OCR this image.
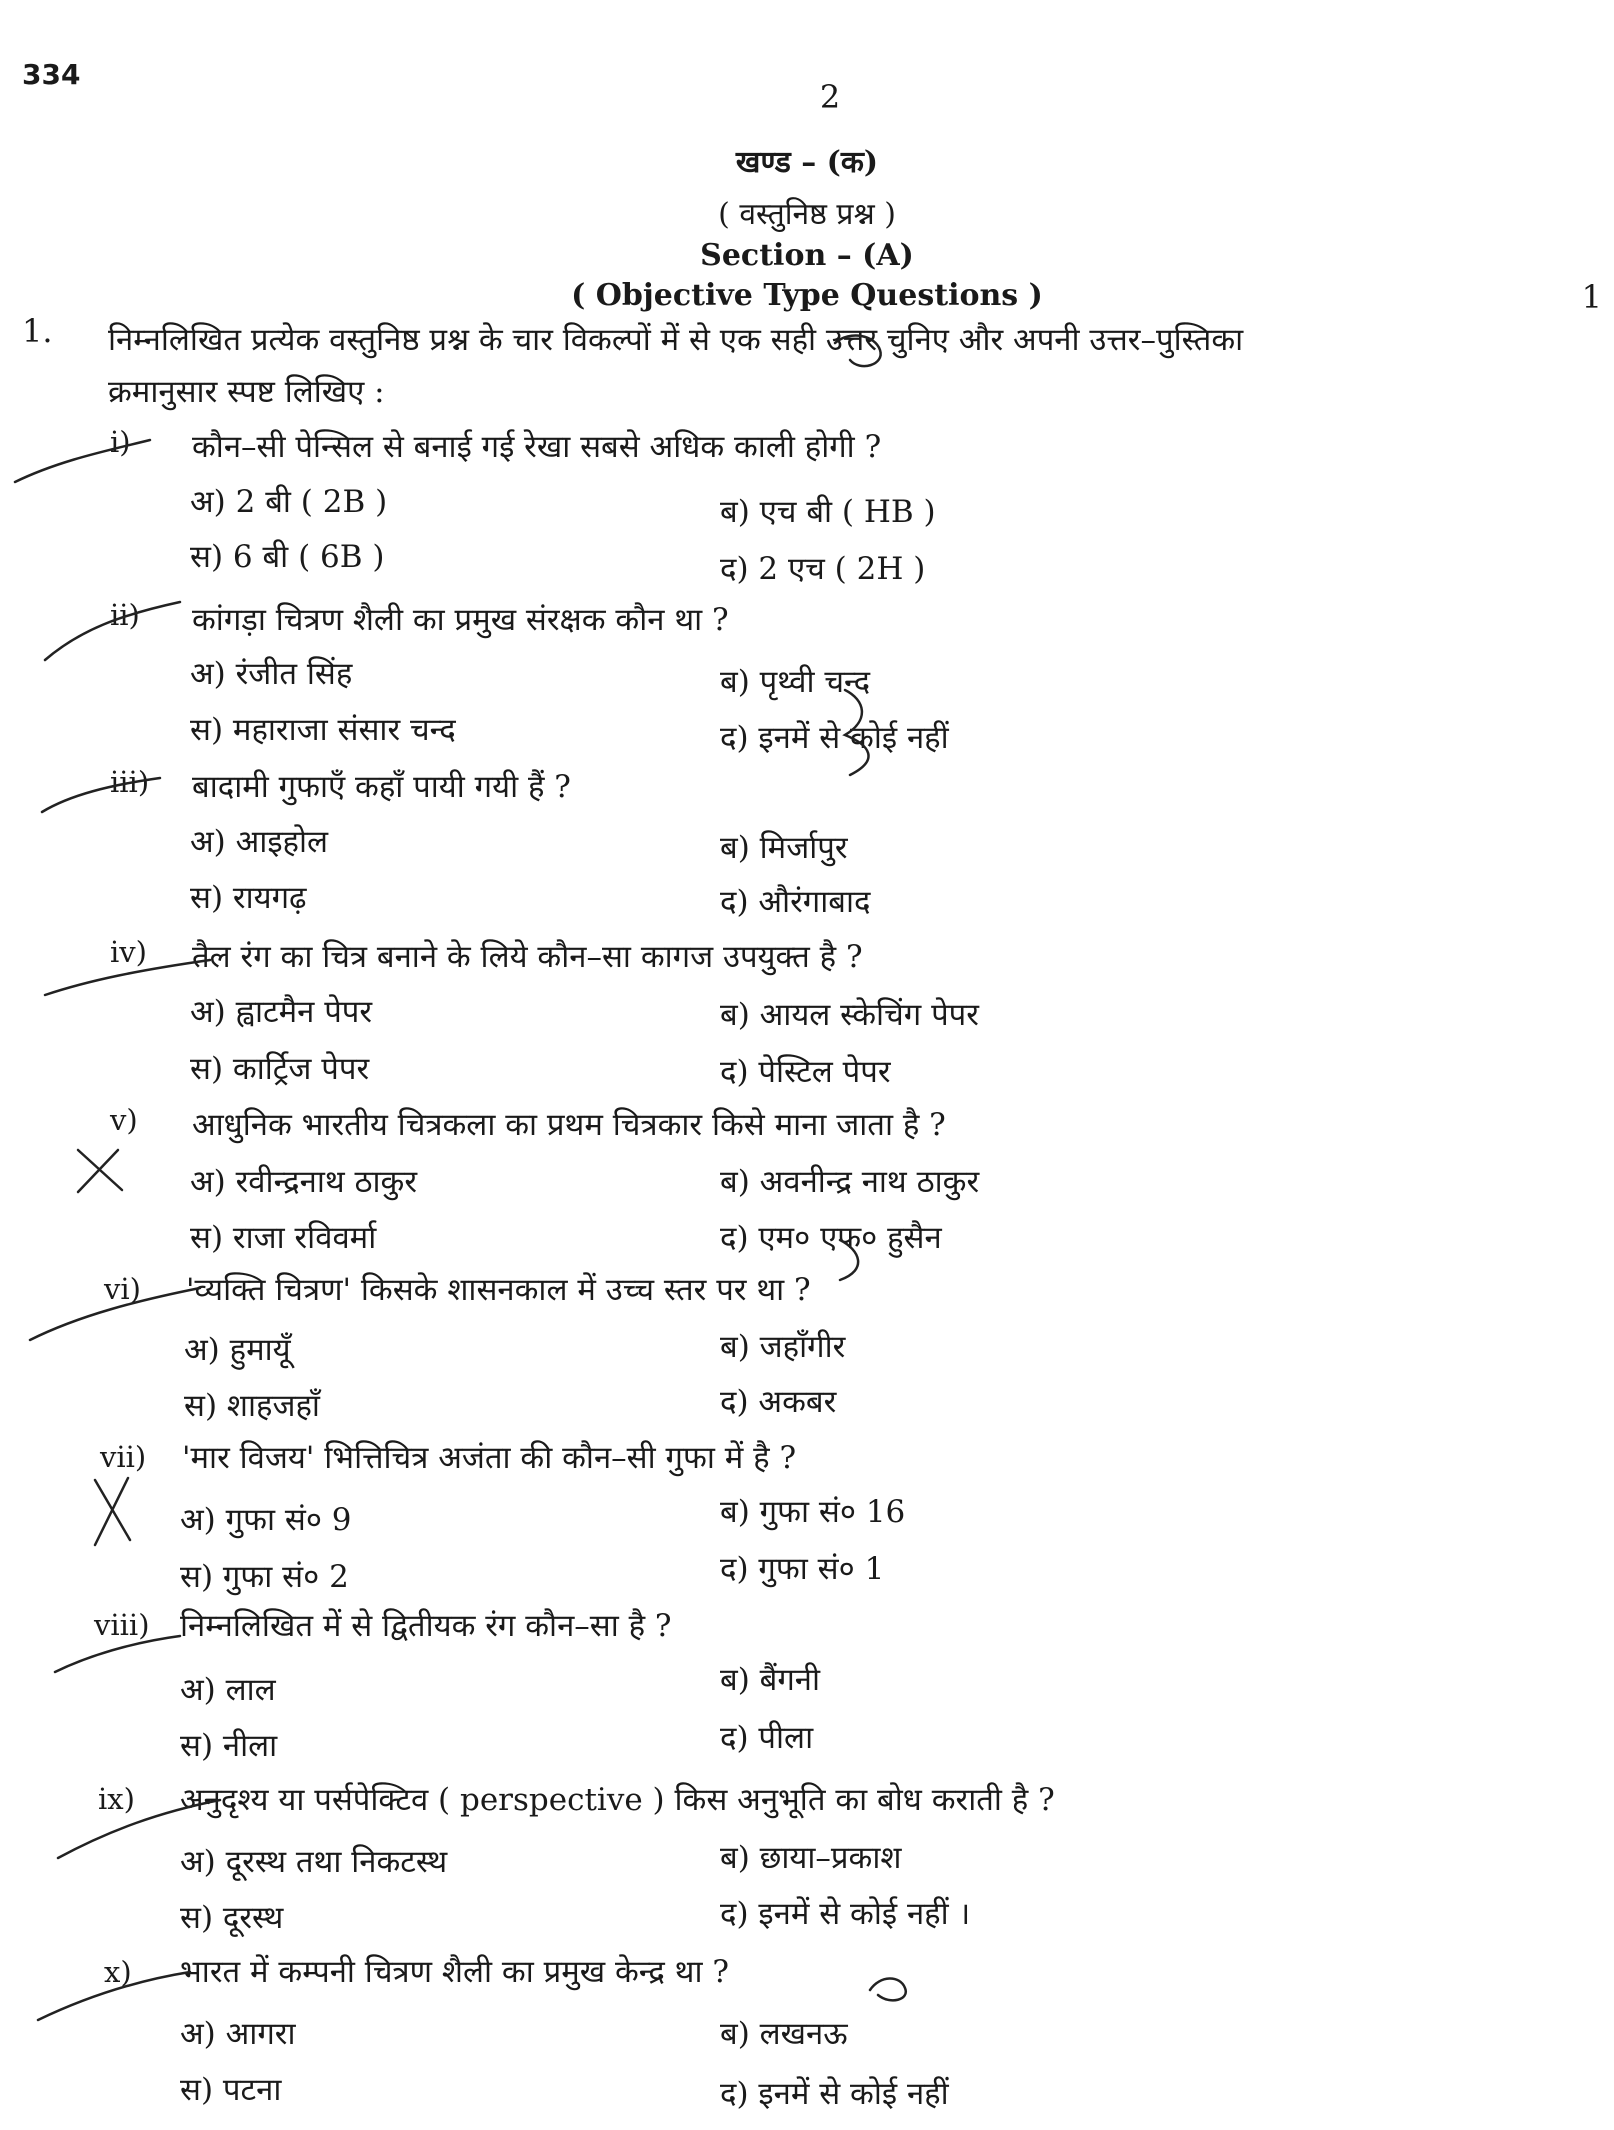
334
2
खण्ड – (क)
( वस्तुनिष्ठ प्रश्न )
Section – (A)
( Objective Type Questions )	1
1. निम्नलिखित प्रत्येक वस्तुनिष्ठ प्रश्न के चार विकल्पों में से एक सही उत्तर चुनिए और अपनी उत्तर–पुस्तिका
क्रमानुसार स्पष्ट लिखिए :
i) कौन–सी पेन्सिल से बनाई गई रेखा सबसे अधिक काली होगी ?
अ) 2 बी ( 2B )	ब) एच बी ( HB )
स) 6 बी ( 6B )	द) 2 एच ( 2H )
ii) कांगड़ा चित्रण शैली का प्रमुख संरक्षक कौन था ?
अ) रंजीत सिंह	ब) पृथ्वी चन्द
स) महाराजा संसार चन्द	द) इनमें से कोई नहीं
iii) बादामी गुफाएँ कहाँ पायी गयी हैं ?
अ) आइहोल	ब) मिर्जापुर
स) रायगढ़	द) औरंगाबाद
iv) तैल रंग का चित्र बनाने के लिये कौन–सा कागज उपयुक्त है ?
अ) ह्वाटमैन पेपर	ब) आयल स्केचिंग पेपर
स) कार्ट्रिज पेपर	द) पेस्टिल पेपर
v) आधुनिक भारतीय चित्रकला का प्रथम चित्रकार किसे माना जाता है ?
अ) रवीन्द्रनाथ ठाकुर	ब) अवनीन्द्र नाथ ठाकुर
स) राजा रविवर्मा	द) एम० एफ० हुसैन
vi) 'व्यक्ति चित्रण' किसके शासनकाल में उच्च स्तर पर था ?
अ) हुमायूँ	ब) जहाँगीर
स) शाहजहाँ	द) अकबर
vii) 'मार विजय' भित्तिचित्र अजंता की कौन–सी गुफा में है ?
अ) गुफा सं० 9	ब) गुफा सं० 16
स) गुफा सं० 2	द) गुफा सं० 1
viii) निम्नलिखित में से द्वितीयक रंग कौन–सा है ?
अ) लाल	ब) बैंगनी
स) नीला	द) पीला
ix) अनुदृश्य या पर्सपेक्टिव ( perspective ) किस अनुभूति का बोध कराती है ?
अ) दूरस्थ तथा निकटस्थ	ब) छाया–प्रकाश
स) दूरस्थ	द) इनमें से कोई नहीं ।
x) भारत में कम्पनी चित्रण शैली का प्रमुख केन्द्र था ?
अ) आगरा	ब) लखनऊ
स) पटना	द) इनमें से कोई नहीं
